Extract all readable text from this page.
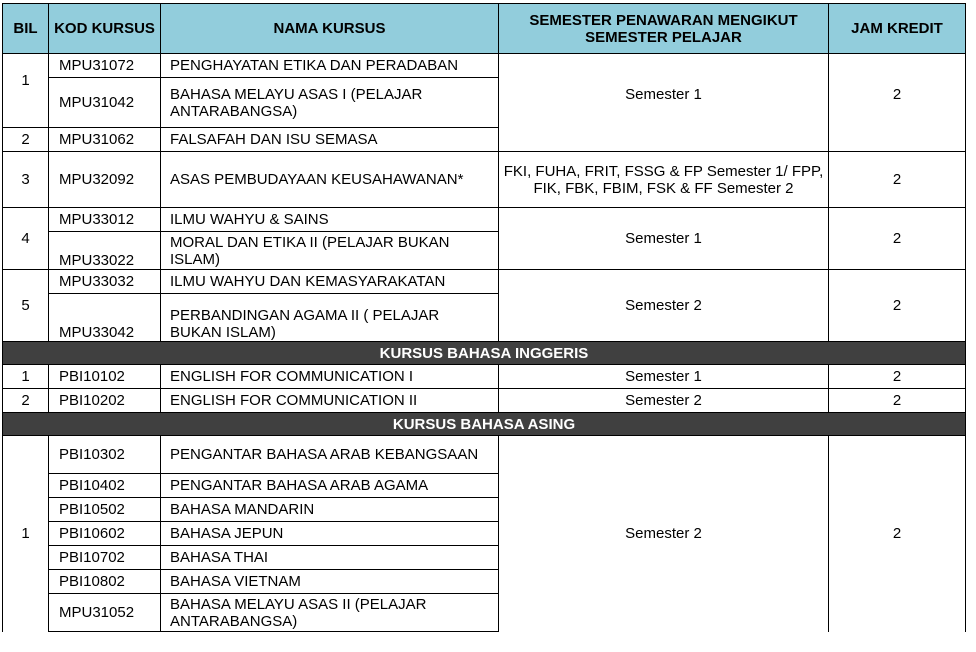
BIL	KOD KURSUS	NAMA KURSUS	SEMESTER PENAWARAN MENGIKUT SEMESTER PELAJAR	JAM KREDIT
1	MPU31072	PENGHAYATAN ETIKA DAN PERADABAN	Semester 1	2
	MPU31042	BAHASA MELAYU ASAS I (PELAJAR ANTARABANGSA)		
2	MPU31062	FALSAFAH DAN ISU SEMASA		
3	MPU32092	ASAS PEMBUDAYAAN KEUSAHAWANAN*	FKI, FUHA, FRIT, FSSG & FP Semester 1/ FPP, FIK, FBK, FBIM, FSK & FF Semester 2	2
4	MPU33012	ILMU WAHYU & SAINS	Semester 1	2
	MPU33022	MORAL DAN ETIKA II (PELAJAR BUKAN ISLAM)		
5	MPU33032	ILMU WAHYU DAN KEMASYARAKATAN	Semester 2	2
	MPU33042	PERBANDINGAN AGAMA II ( PELAJAR BUKAN ISLAM)		
KURSUS BAHASA INGGERIS				
1	PBI10102	ENGLISH FOR COMMUNICATION I	Semester 1	2
2	PBI10202	ENGLISH FOR COMMUNICATION II	Semester 2	2
KURSUS BAHASA ASING				
1	PBI10302	PENGANTAR BAHASA ARAB KEBANGSAAN	Semester 2	2
	PBI10402	PENGANTAR BAHASA ARAB AGAMA		
	PBI10502	BAHASA MANDARIN		
	PBI10602	BAHASA JEPUN		
	PBI10702	BAHASA THAI		
	PBI10802	BAHASA VIETNAM		
	MPU31052	BAHASA MELAYU ASAS II (PELAJAR ANTARABANGSA)		
